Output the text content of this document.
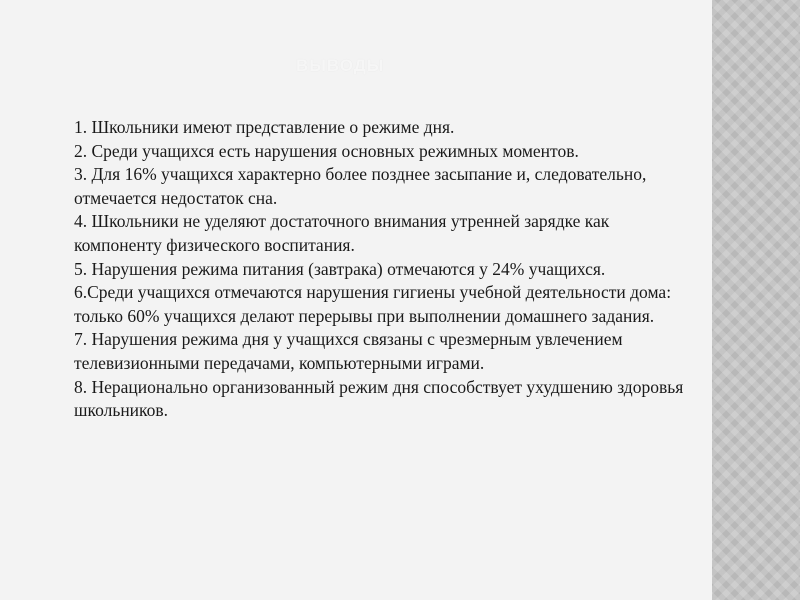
ВЫВОДЫ

1. Школьники имеют представление о режиме дня.

2. Среди учащихся есть нарушения основных режимных моментов.

3. Для 16% учащихся характерно более позднее засыпание и, следовательно, отмечается недостаток сна.

4. Школьники не уделяют достаточного внимания утренней зарядке как компоненту физического воспитания.

5. Нарушения режима питания (завтрака) отмечаются у 24% учащихся.

6.Среди учащихся отмечаются нарушения гигиены учебной деятельности дома: только 60% учащихся делают перерывы при выполнении домашнего задания.

7. Нарушения режима дня у учащихся связаны с чрезмерным увлечением телевизионными передачами, компьютерными играми.

8. Нерационально организованный режим дня способствует ухудшению здоровья школьников.
